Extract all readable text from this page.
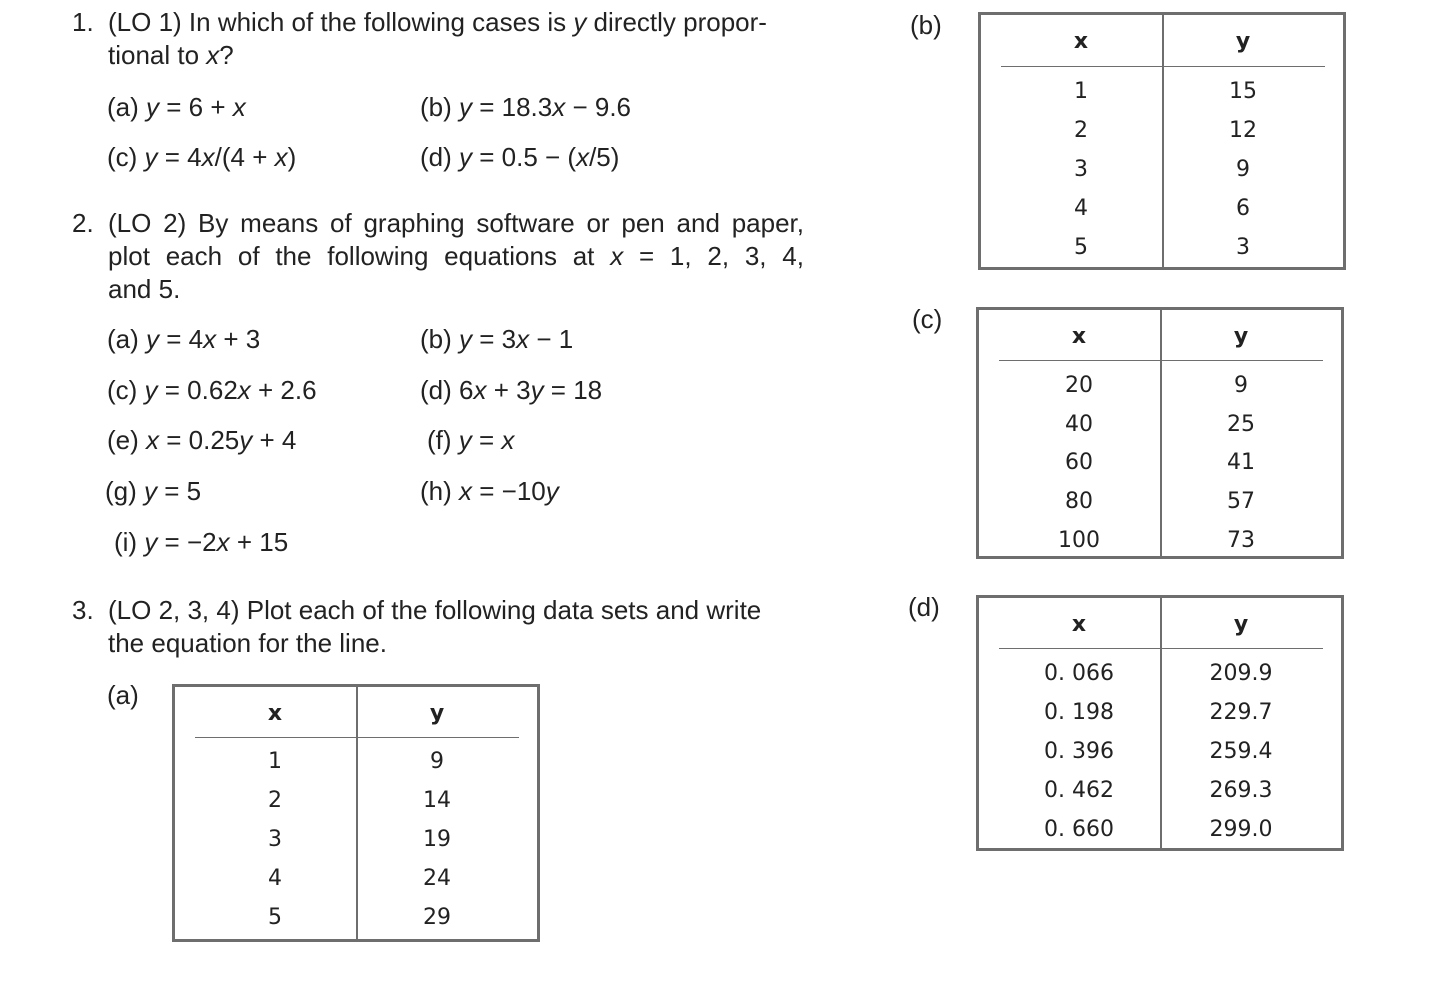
1. (LO 1) In which of the following cases is y directly propor-
tional to x?
(a) y = 6 + x	(b) y = 18.3x − 9.6
(c) y = 4x/(4 + x)	(d) y = 0.5 − (x/5)
2. (LO 2) By means of graphing software or pen and paper,
plot each of the following equations at x = 1, 2, 3, 4,
and 5.
(a) y = 4x + 3	(b) y = 3x − 1
(c) y = 0.62x + 2.6	(d) 6x + 3y = 18
(e) x = 0.25y + 4	(f) y = x
(g) y = 5	(h) x = −10y
(i) y = −2x + 15
3. (LO 2, 3, 4) Plot each of the following data sets and write
the equation for the line.
(a)
(b)
(c)
(d)
x	y
1	9
2	14
3	19
4	24
5	29
x	y
1	15
2	12
3	9
4	6
5	3
x	y
20	9
40	25
60	41
80	57
100	73
x	y
0. 066	209.9
0. 198	229.7
0. 396	259.4
0. 462	269.3
0. 660	299.0
